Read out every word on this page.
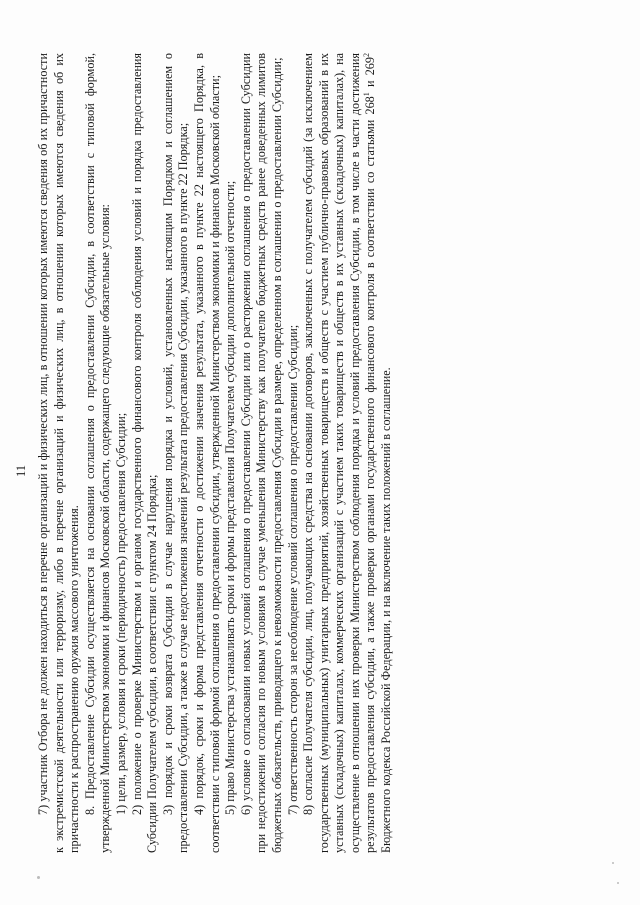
11 7) участник Отбора не должен находиться в перечне организаций и физических лиц, в отношении которых имеются сведения об их причастности к экстремистской деятельности или терроризму, либо в перечне организаций и физических лиц, в отношении которых имеются сведения об их причастности к распространению оружия массового уничтожения. 8. Предоставление Субсидии осуществляется на основании соглашения о предоставлении Субсидии, в соответствии с типовой формой, утвержденной Министерством экономики и финансов Московской области, содержащего следующие обязательные условия: 1) цели, размер, условия и сроки (периодичность) предоставления Субсидии; 2) положение о проверке Министерством и органом государственного финансового контроля соблюдения условий и порядка предоставления Субсидии Получателем субсидии, в соответствии с пунктом 24 Порядка; 3) порядок и сроки возврата Субсидии в случае нарушения порядка и условий, установленных настоящим Порядком и соглашением о предоставлении Субсидии, а также в случае недостижения значений результата предоставления Субсидии, указанного в пункте 22 Порядка; 4) порядок, сроки и форма представления отчетности о достижении значения результата, указанного в пункте 22 настоящего Порядка, в соответствии с типовой формой соглашения о предоставлении субсидии, утвержденной Министерством экономики и финансов Московской области; 5) право Министерства устанавливать сроки и формы представления Получателем субсидии дополнительной отчетности; 6) условие о согласовании новых условий соглашения о предоставлении Субсидии или о расторжении соглашения о предоставлении Субсидии при недостижении согласия по новым условиям в случае уменьшения Министерству как получателю бюджетных средств ранее доведенных лимитов бюджетных обязательств, приводящего к невозможности предоставления Субсидии в размере, определенном в соглашении о предоставлении Субсидии; 7) ответственность сторон за несоблюдение условий соглашения о предоставлении Субсидии; 8) согласие Получателя субсидии, лиц, получающих средства на основании договоров, заключенных с получателем субсидий (за исключением государственных (муниципальных) унитарных предприятий, хозяйственных товариществ и обществ с участием публично-правовых образований в их уставных (складочных) капиталах, коммерческих организаций с участием таких товариществ и обществ в их уставных (складочных) капиталах), на осуществление в отношении них проверки Министерством соблюдения порядка и условий предоставления Субсидии, в том числе в части достижения результатов предоставления субсидии, а также проверки органами государственного финансового контроля в соответствии со статьями $268^1$ и $269^2$ Бюджетного кодекса Российской Федерации, и на включение таких положений в соглашение.
